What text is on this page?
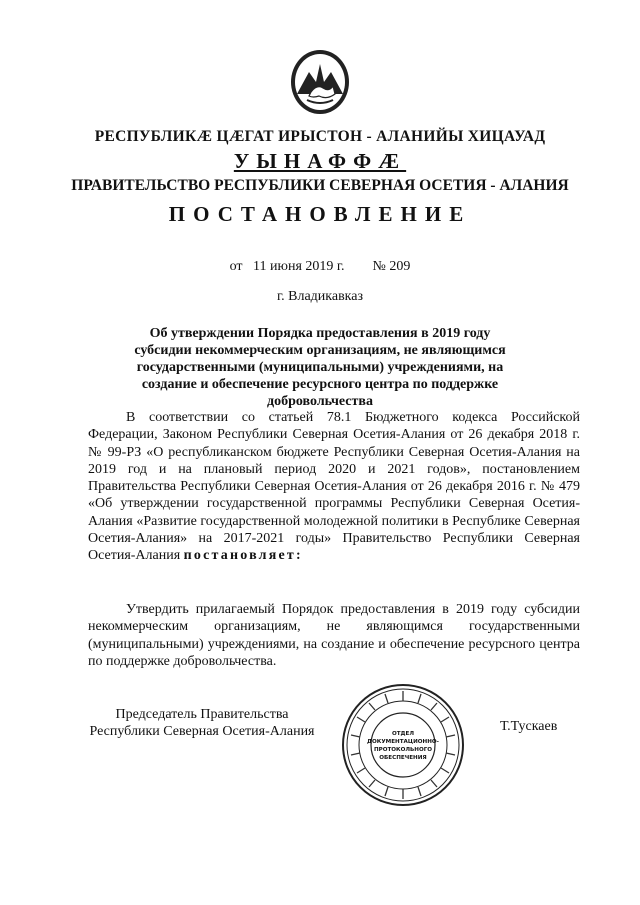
РЕСПУБЛИКӔ ЦӔГАТ ИРЫСТОН - АЛАНИЙЫ ХИЦАУАД
УЫНАФФӔ
ПРАВИТЕЛЬСТВО РЕСПУБЛИКИ СЕВЕРНАЯ ОСЕТИЯ - АЛАНИЯ
ПОСТАНОВЛЕНИЕ
от 11 июня 2019 г. № 209
г. Владикавказ
Об утверждении Порядка предоставления в 2019 году субсидии некоммерческим организациям, не являющимся государственными (муниципальными) учреждениями, на создание и обеспечение ресурсного центра по поддержке добровольчества
В соответствии со статьей 78.1 Бюджетного кодекса Российской Федерации, Законом Республики Северная Осетия-Алания от 26 декабря 2018 г. № 99-РЗ «О республиканском бюджете Республики Северная Осетия-Алания на 2019 год и на плановый период 2020 и 2021 годов», постановлением Правительства Республики Северная Осетия-Алания от 26 декабря 2016 г. № 479 «Об утверждении государственной программы Республики Северная Осетия-Алания «Развитие государственной молодежной политики в Республике Северная Осетия-Алания» на 2017-2021 годы» Правительство Республики Северная Осетия-Алания постановляет:
Утвердить прилагаемый Порядок предоставления в 2019 году субсидии некоммерческим организациям, не являющимся государственными (муниципальными) учреждениями, на создание и обеспечение ресурсного центра по поддержке добровольчества.
Председатель Правительства
Республики Северная Осетия-Алания	ОТДЕЛ
ДОКУМЕНТАЦИОННО-
ПРОТОКОЛЬНОГО
ОБЕСПЕЧЕНИЯ
Т.Тускаев
